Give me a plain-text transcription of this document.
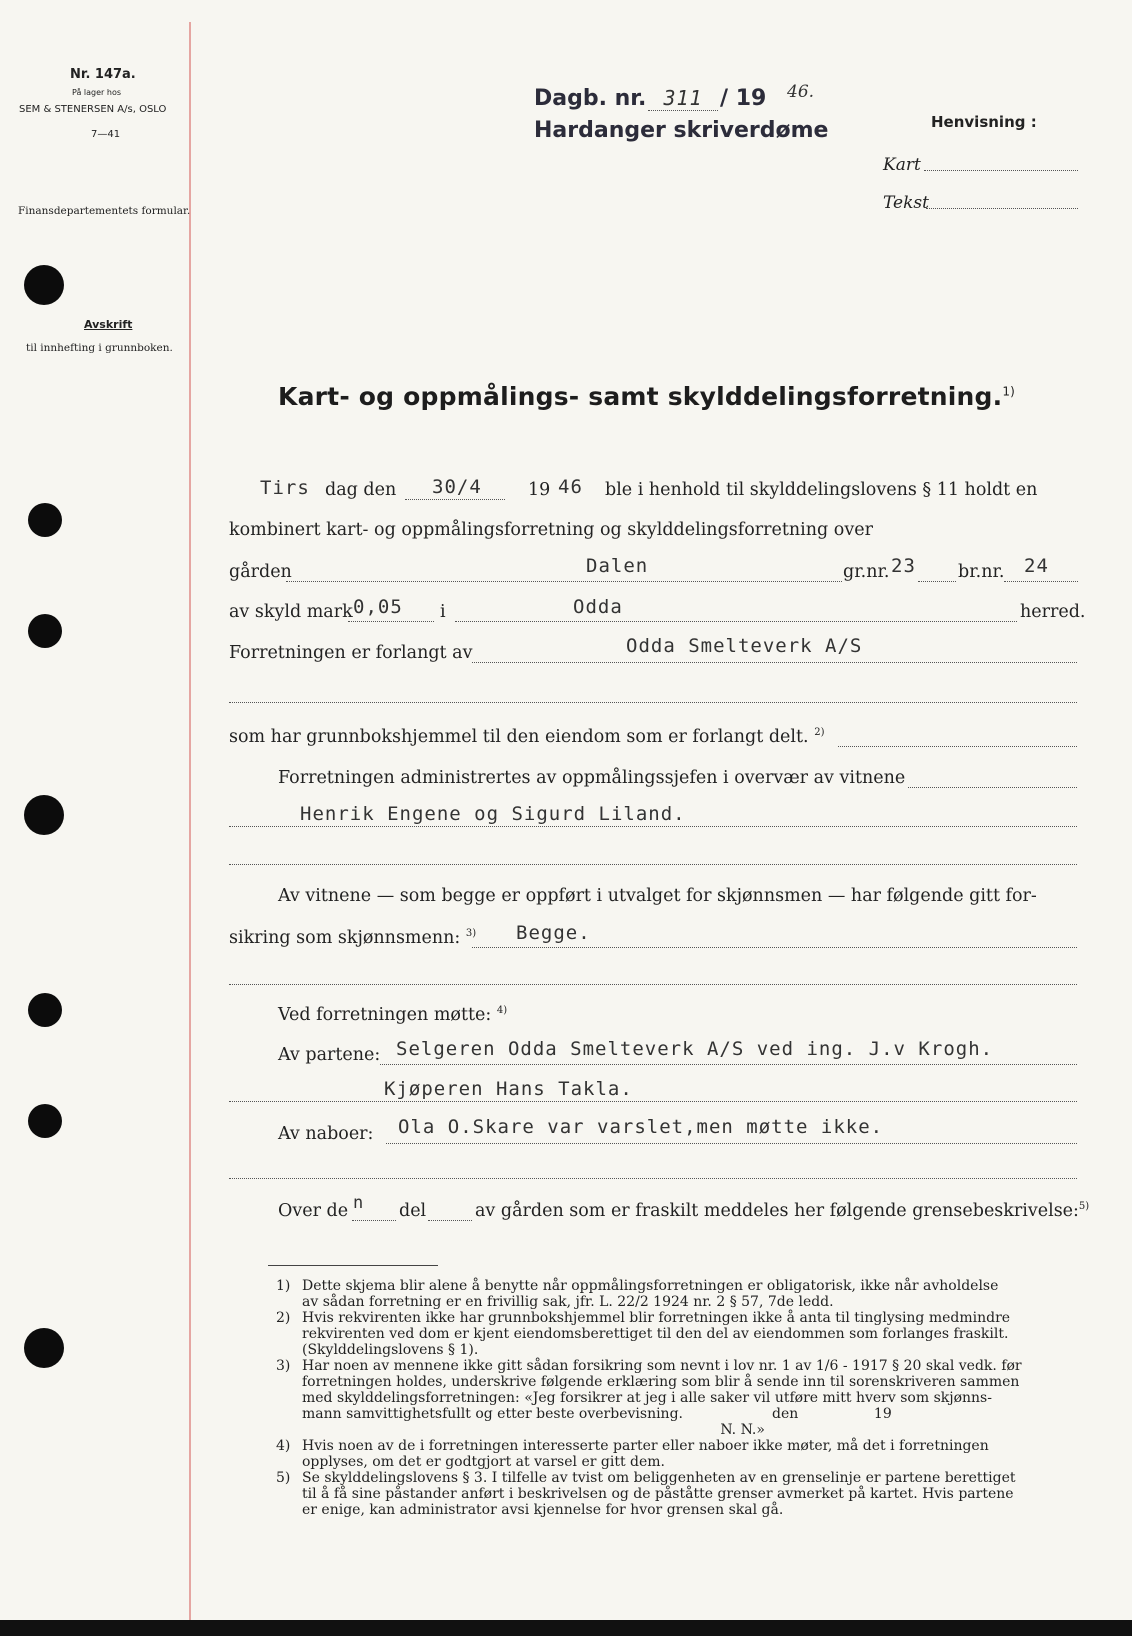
Nr. 147a.
På lager hos
SEM & STENERSEN A/s, OSLO
7—41
Finansdepartementets formular.
Avskrift
til innhefting i grunnboken.
Dagb. nr. 311 / 19 46.
Hardanger skriverdøme	Henvisning :
Kart
Tekst
Kart- og oppmålings- samt skylddelingsforretning.$^{1)}$
Tirs dag den 30/4	19 46 ble i henhold til skylddelingslovens § 11 holdt en
kombinert kart- og oppmålingsforretning og skylddelingsforretning over
gården	Dalen	gr.nr. 23 br.nr. 24
av skyld mark 0,05 i	Odda	herred.
Forretningen er forlangt av	Odda Smelteverk A/S
som har grunnbokshjemmel til den eiendom som er forlangt delt. $^{2)}$
Forretningen administrertes av oppmålingssjefen i overvær av vitnene
Henrik Engene og Sigurd Liland.
Av vitnene — som begge er oppført i utvalget for skjønnsmen — har følgende gitt for-
sikring som skjønnsmenn: $^{3)}$ Begge.
Ved forretningen møtte: $^{4)}$
Av partene: Selgeren Odda Smelteverk A/S ved ing. J.v Krogh.
Kjøperen Hans Takla.
Av naboer: Ola O.Skare var varslet,men møtte ikke.
Over de n del	av gården som er fraskilt meddeles her følgende grensebeskrivelse:$^{5)}$
1) Dette skjema blir alene å benytte når oppmålingsforretningen er obligatorisk, ikke når avholdelse
av sådan forretning er en frivillig sak, jfr. L. 22/2 1924 nr. 2 § 57, 7de ledd.
2) Hvis rekvirenten ikke har grunnbokshjemmel blir forretningen ikke å anta til tinglysing medmindre
rekvirenten ved dom er kjent eiendomsberettiget til den del av eiendommen som forlanges fraskilt.
(Skylddelingslovens § 1).
3) Har noen av mennene ikke gitt sådan forsikring som nevnt i lov nr. 1 av 1/6 - 1917 § 20 skal vedk. før
forretningen holdes, underskrive følgende erklæring som blir å sende inn til sorenskriveren sammen
med skylddelingsforretningen: «Jeg forsikrer at jeg i alle saker vil utføre mitt hverv som skjønns-
mann samvittighetsfullt og etter beste overbevisning.                    den                 19
N. N.»
4) Hvis noen av de i forretningen interesserte parter eller naboer ikke møter, må det i forretningen
opplyses, om det er godtgjort at varsel er gitt dem.
5) Se skylddelingslovens § 3. I tilfelle av tvist om beliggenheten av en grenselinje er partene berettiget
til å få sine påstander anført i beskrivelsen og de påståtte grenser avmerket på kartet. Hvis partene
er enige, kan administrator avsi kjennelse for hvor grensen skal gå.
